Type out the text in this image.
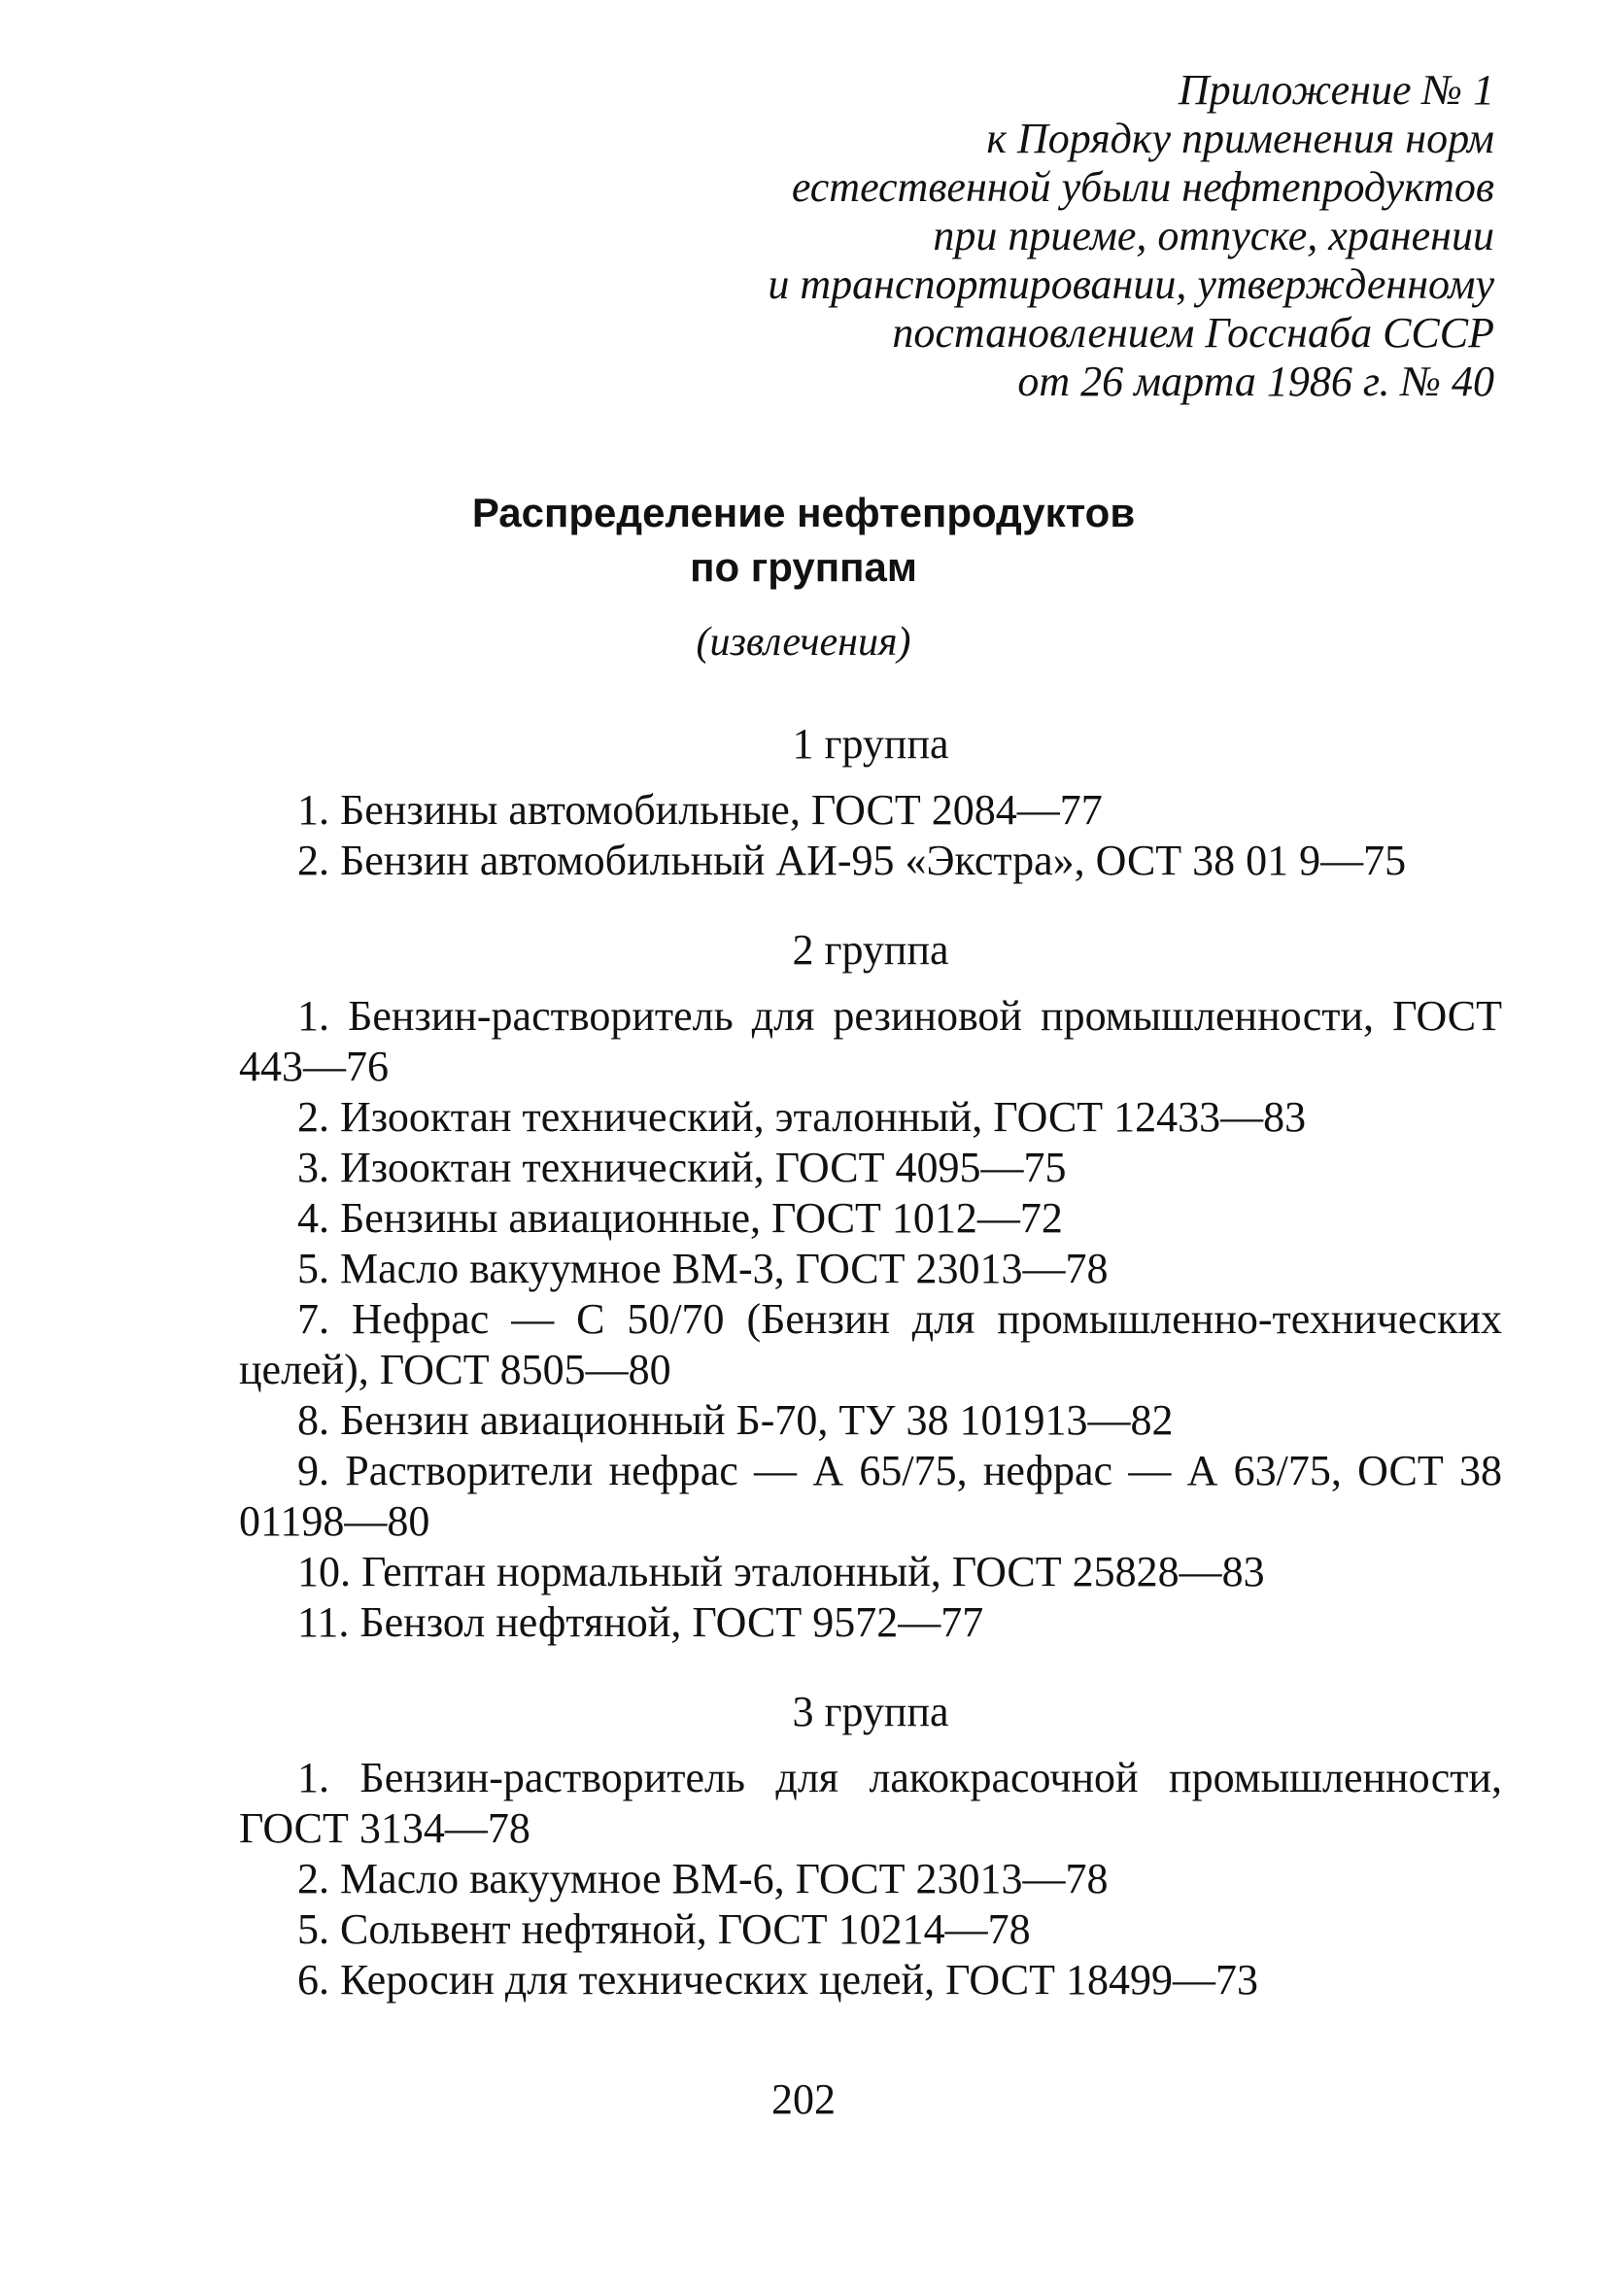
Приложение № 1
к Порядку применения норм
естественной убыли нефтепродуктов
при приеме, отпуске, хранении
и транспортировании, утвержденному
постановлением Госснаба СССР
от 26 марта 1986 г. № 40
Распределение нефтепродуктов
по группам
(извлечения)
1 группа

1. Бензины автомобильные, ГОСТ 2084—77

2. Бензин автомобильный АИ-95 «Экстра», ОСТ 38 01 9—75

2 группа

1. Бензин-растворитель для резиновой промышленности, ГОСТ 443—76

2. Изооктан технический, эталонный, ГОСТ 12433—83

3. Изооктан технический, ГОСТ 4095—75

4. Бензины авиационные, ГОСТ 1012—72

5. Масло вакуумное ВМ-3, ГОСТ 23013—78

7. Нефрас — С 50/70 (Бензин для промышленно-технических целей), ГОСТ 8505—80

8. Бензин авиационный Б-70, ТУ 38 101913—82

9. Растворители нефрас — А 65/75, нефрас — А 63/75, ОСТ 38 01198—80

10. Гептан нормальный эталонный, ГОСТ 25828—83

11. Бензол нефтяной, ГОСТ 9572—77

3 группа

1. Бензин-растворитель для лакокрасочной промышленности, ГОСТ 3134—78

2. Масло вакуумное ВМ-6, ГОСТ 23013—78

5. Сольвент нефтяной, ГОСТ 10214—78

6. Керосин для технических целей, ГОСТ 18499—73

202
